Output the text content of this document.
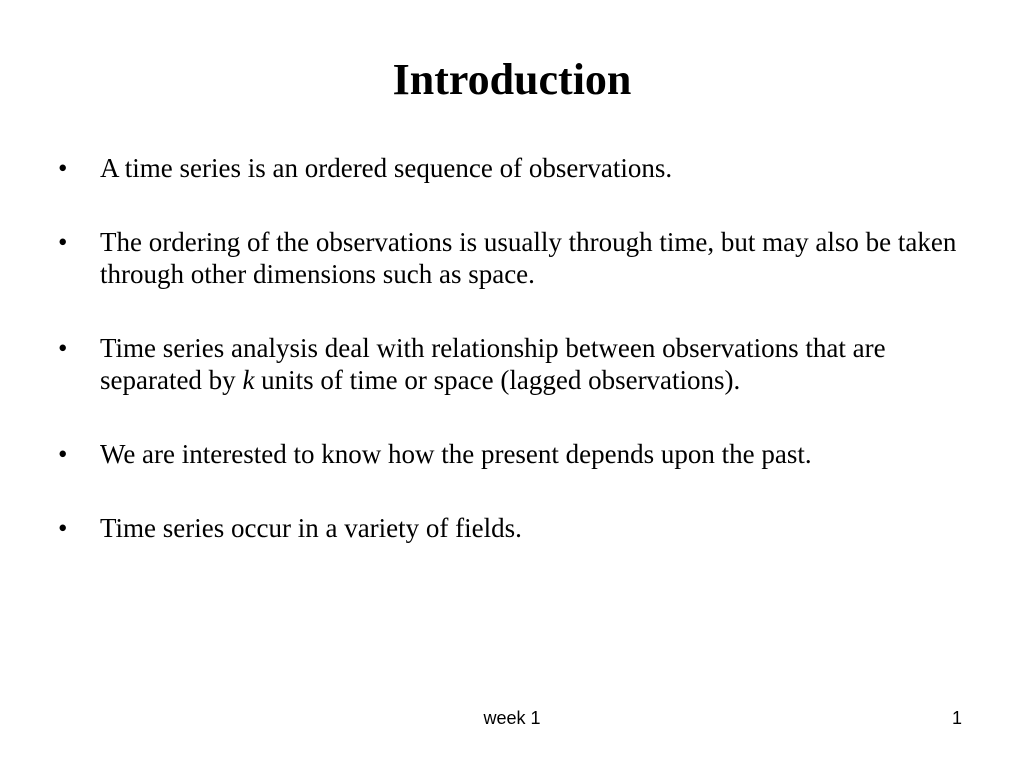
Introduction
•	A time series is an ordered sequence of observations.
•	The ordering of the observations is usually through time, but may also be taken through other dimensions such as space.
•	Time series analysis deal with relationship between observations that are separated by k units of time or space (lagged observations).
•	We are interested to know how the present depends upon the past.
•	Time series occur in a variety of fields.
week 1	1
